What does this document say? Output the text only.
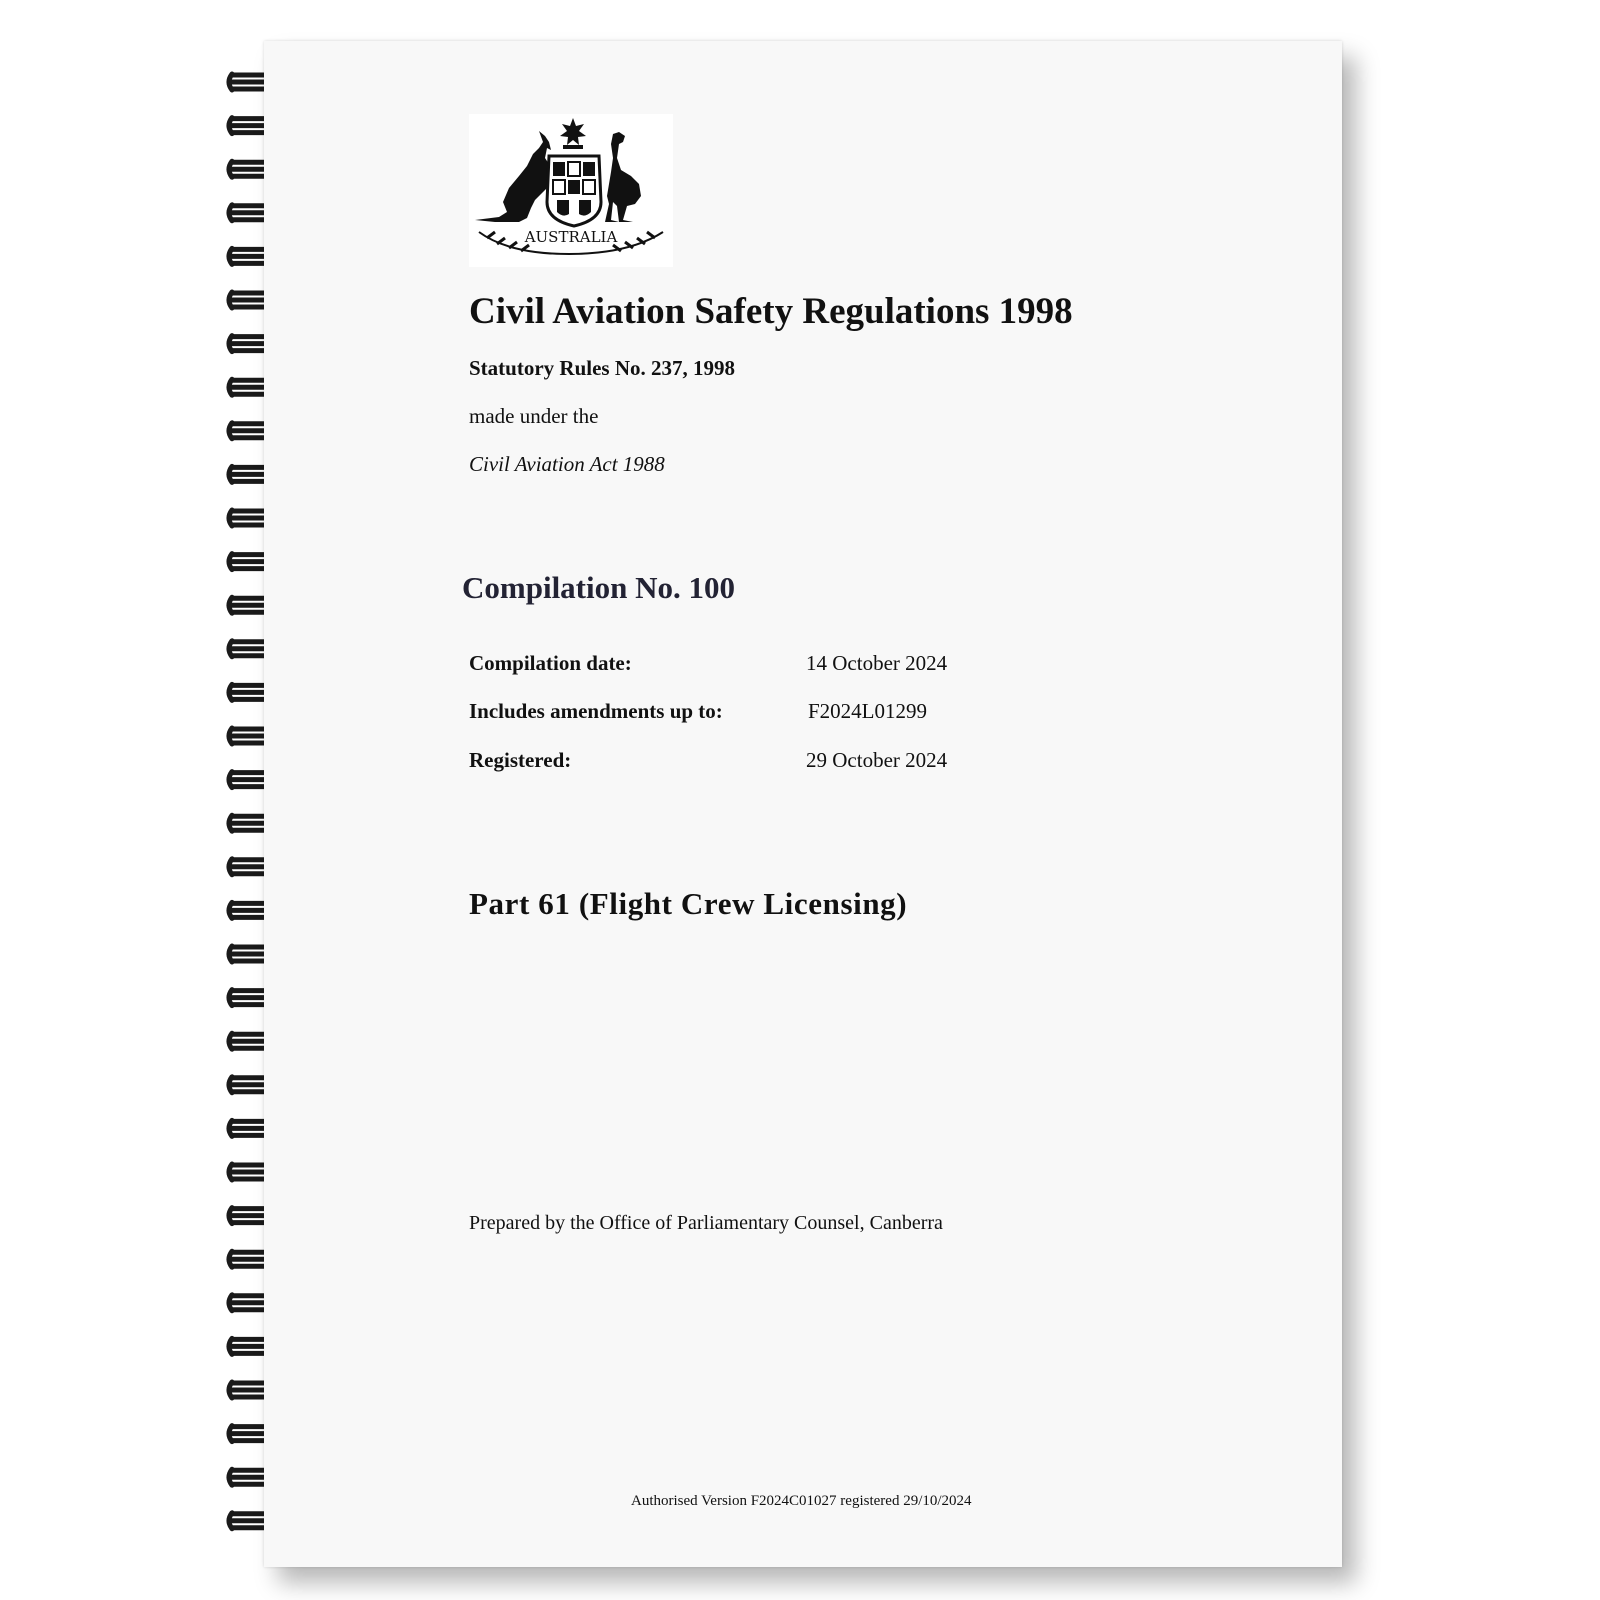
AUSTRALIA
Civil Aviation Safety Regulations 1998
Statutory Rules No. 237, 1998
made under the
Civil Aviation Act 1988
Compilation No. 100
Compilation date:	14 October 2024
Includes amendments up to:	F2024L01299
Registered:	29 October 2024
Part 61 (Flight Crew Licensing)
Prepared by the Office of Parliamentary Counsel, Canberra
Authorised Version F2024C01027 registered 29/10/2024
